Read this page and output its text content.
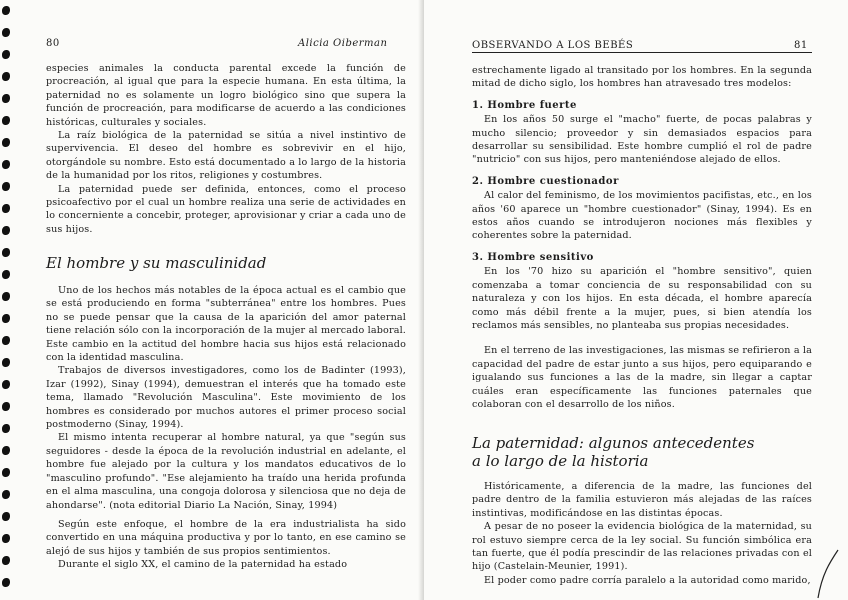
80	Alicia Oiberman

especies animales la conducta parental excede la función de procreación, al igual que para la especie humana. En esta última, la paternidad no es solamente un logro biológico sino que supera la función de procreación, para modificarse de acuerdo a las condiciones históricas, culturales y sociales.

La raíz biológica de la paternidad se sitúa a nivel instintivo de supervivencia. El deseo del hombre es sobrevivir en el hijo, otorgándole su nombre. Esto está documentado a lo largo de la historia de la humanidad por los ritos, religiones y costumbres.

La paternidad puede ser definida, entonces, como el proceso psicoafectivo por el cual un hombre realiza una serie de actividades en lo concerniente a concebir, proteger, aprovisionar y criar a cada uno de sus hijos.

El hombre y su masculinidad

Uno de los hechos más notables de la época actual es el cambio que se está produciendo en forma "subterránea" entre los hombres. Pues no se puede pensar que la causa de la aparición del amor paternal tiene relación sólo con la incorporación de la mujer al mercado laboral. Este cambio en la actitud del hombre hacia sus hijos está relacionado con la identidad masculina.

Trabajos de diversos investigadores, como los de Badinter (1993), Izar (1992), Sinay (1994), demuestran el interés que ha tomado este tema, llamado "Revolución Masculina". Este movimiento de los hombres es considerado por muchos autores el primer proceso social postmoderno (Sinay, 1994).

El mismo intenta recuperar al hombre natural, ya que "según sus seguidores - desde la época de la revolución industrial en adelante, el hombre fue alejado por la cultura y los mandatos educativos de lo "masculino profundo". "Ese alejamiento ha traído una herida profunda en el alma masculina, una congoja dolorosa y silenciosa que no deja de ahondarse". (nota editorial Diario La Nación, Sinay, 1994)

Según este enfoque, el hombre de la era industrialista ha sido convertido en una máquina productiva y por lo tanto, en ese camino se alejó de sus hijos y también de sus propios sentimientos.

Durante el siglo XX, el camino de la paternidad ha estado

OBSERVANDO A LOS BEBÉS	81

estrechamente ligado al transitado por los hombres. En la segunda mitad de dicho siglo, los hombres han atravesado tres modelos:

1. Hombre fuerte

En los años 50 surge el "macho" fuerte, de pocas palabras y mucho silencio; proveedor y sin demasiados espacios para desarrollar su sensibilidad. Este hombre cumplió el rol de padre "nutricio" con sus hijos, pero manteniéndose alejado de ellos.

2. Hombre cuestionador

Al calor del feminismo, de los movimientos pacifistas, etc., en los años '60 aparece un "hombre cuestionador" (Sinay, 1994). Es en estos años cuando se introdujeron nociones más flexibles y coherentes sobre la paternidad.

3. Hombre sensitivo

En los '70 hizo su aparición el "hombre sensitivo", quien comenzaba a tomar conciencia de su responsabilidad con su naturaleza y con los hijos. En esta década, el hombre aparecía como más débil frente a la mujer, pues, si bien atendía los reclamos más sensibles, no planteaba sus propias necesidades.

En el terreno de las investigaciones, las mismas se refirieron a la capacidad del padre de estar junto a sus hijos, pero equiparando e igualando sus funciones a las de la madre, sin llegar a captar cuáles eran específicamente las funciones paternales que colaboran con el desarrollo de los niños.

La paternidad: algunos antecedentes
a lo largo de la historia

Históricamente, a diferencia de la madre, las funciones del padre dentro de la familia estuvieron más alejadas de las raíces instintivas, modificándose en las distintas épocas.

A pesar de no poseer la evidencia biológica de la maternidad, su rol estuvo siempre cerca de la ley social. Su función simbólica era tan fuerte, que él podía prescindir de las relaciones privadas con el hijo (Castelain-Meunier, 1991).

El poder como padre corría paralelo a la autoridad como marido,
